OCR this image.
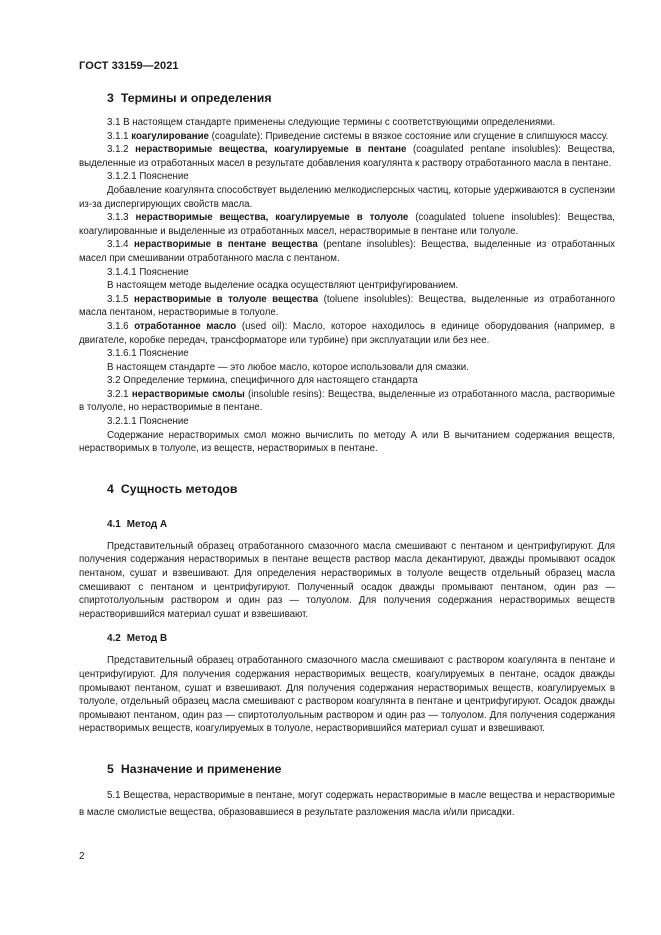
ГОСТ 33159—2021
3 Термины и определения

3.1 В настоящем стандарте применены следующие термины с соответствующими определениями.

3.1.1 коагулирование (coagulate): Приведение системы в вязкое состояние или сгущение в слипшуюся массу.

3.1.2 нерастворимые вещества, коагулируемые в пентане (coagulated pentane insolubles): Вещества, выделенные из отработанных масел в результате добавления коагулянта к раствору отработанного масла в пентане.

3.1.2.1 Пояснение

Добавление коагулянта способствует выделению мелкодисперсных частиц, которые удерживаются в суспензии из-за диспергирующих свойств масла.

3.1.3 нерастворимые вещества, коагулируемые в толуоле (coagulated toluene insolubles): Вещества, коагулированные и выделенные из отработанных масел, нерастворимые в пентане или толуоле.

3.1.4 нерастворимые в пентане вещества (pentane insolubles): Вещества, выделенные из отработанных масел при смешивании отработанного масла с пентаном.

3.1.4.1 Пояснение

В настоящем методе выделение осадка осуществляют центрифугированием.

3.1.5 нерастворимые в толуоле вещества (toluene insolubles): Вещества, выделенные из отработанного масла пентаном, нерастворимые в толуоле.

3.1.6 отработанное масло (used oil): Масло, которое находилось в единице оборудования (например, в двигателе, коробке передач, трансформаторе или турбине) при эксплуатации или без нее.

3.1.6.1 Пояснение

В настоящем стандарте — это любое масло, которое использовали для смазки.

3.2 Определение термина, специфичного для настоящего стандарта

3.2.1 нерастворимые смолы (insoluble resins): Вещества, выделенные из отработанного масла, растворимые в толуоле, но нерастворимые в пентане.

3.2.1.1 Пояснение

Содержание нерастворимых смол можно вычислить по методу А или В вычитанием содержания веществ, нерастворимых в толуоле, из веществ, нерастворимых в пентане.

4 Сущность методов
4.1 Метод А

Представительный образец отработанного смазочного масла смешивают с пентаном и центрифугируют. Для получения содержания нерастворимых в пентане веществ раствор масла декантируют, дважды промывают осадок пентаном, сушат и взвешивают. Для определения нерастворимых в толуоле веществ отдельный образец масла смешивают с пентаном и центрифугируют. Полученный осадок дважды промывают пентаном, один раз — спиртотолуольным раствором и один раз — толуолом. Для получения содержания нерастворимых веществ нерастворившийся материал сушат и взвешивают.

4.2 Метод В

Представительный образец отработанного смазочного масла смешивают с раствором коагулянта в пентане и центрифугируют. Для получения содержания нерастворимых веществ, коагулируемых в пентане, осадок дважды промывают пентаном, сушат и взвешивают. Для получения содержания нерастворимых веществ, коагулируемых в толуоле, отдельный образец масла смешивают с раствором коагулянта в пентане и центрифугируют. Осадок дважды промывают пентаном, один раз — спиртотолуольным раствором и один раз — толуолом. Для получения содержания нерастворимых веществ, коагулируемых в толуоле, нерастворившийся материал сушат и взвешивают.

5 Назначение и применение

5.1 Вещества, нерастворимые в пентане, могут содержать нерастворимые в масле вещества и нерастворимые в масле смолистые вещества, образовавшиеся в результате разложения масла и/или присадки.

2
